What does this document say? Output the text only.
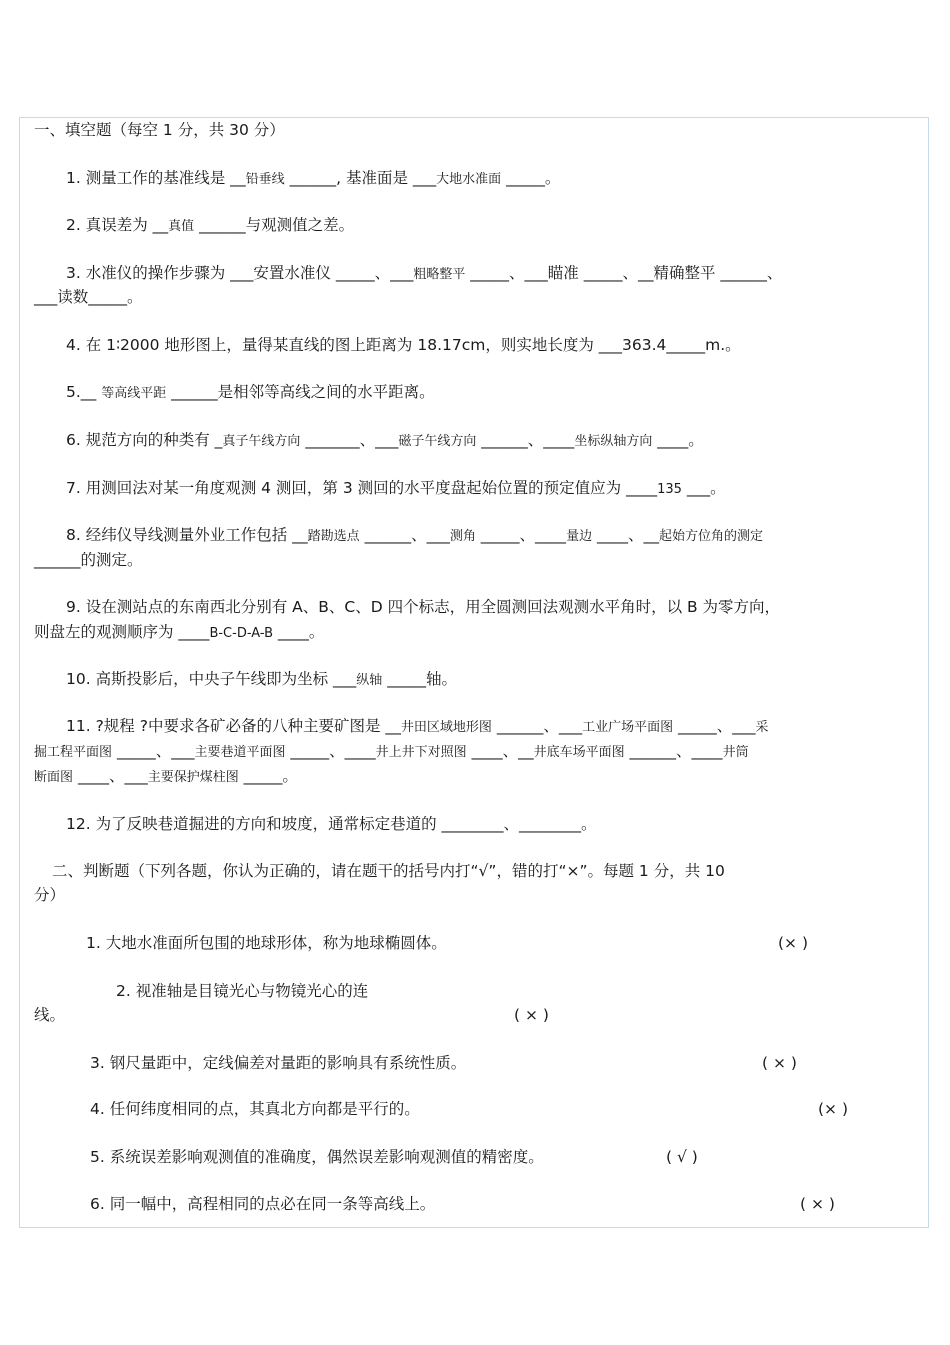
一、填空题（每空 1 分，共 30 分）
1. 测量工作的基准线是 __铅垂线 ______, 基准面是 ___大地水准面 _____。
2. 真误差为 __真值 ______与观测值之差。
3. 水准仪的操作步骤为 ___安置水准仪 _____、___粗略整平 _____、___瞄准 _____、__精确整平 ______、
___读数_____。
4. 在 1∶2000 地形图上，量得某直线的图上距离为 18.17cm，则实地长度为 ___363.4_____m.。
5.__ 等高线平距 ______是相邻等高线之间的水平距离。
6. 规范方向的种类有 _真子午线方向 _______、___磁子午线方向 ______、____坐标纵轴方向 ____。
7. 用测回法对某一角度观测 4 测回，第 3 测回的水平度盘起始位置的预定值应为 ____135 ___。
8. 经纬仪导线测量外业工作包括 __踏勘选点 ______、___测角 _____、____量边 ____、__起始方位角的测定
______的测定。
9. 设在测站点的东南西北分别有 A、B、C、D 四个标志，用全圆测回法观测水平角时，以 B 为零方向，
则盘左的观测顺序为 ____B-C-D-A-B ____。
10. 高斯投影后，中央子午线即为坐标 ___纵轴 _____轴。
11. ?规程 ?中要求各矿必备的八种主要矿图是 __井田区域地形图 ______、___工业广场平面图 _____、___采
掘工程平面图 _____、___主要巷道平面图 _____、____井上井下对照图 ____、__井底车场平面图 ______、____井筒
断面图 ____、___主要保护煤柱图 _____。
12. 为了反映巷道掘进的方向和坡度，通常标定巷道的 ________、________。
二、判断题（下列各题，你认为正确的，请在题干的括号内打“√”，错的打“×”。每题 1 分，共 10
分）
1. 大地水准面所包围的地球形体，称为地球椭圆体。	(× )
2. 视准轴是目镜光心与物镜光心的连
线。	( × )
3. 钢尺量距中，定线偏差对量距的影响具有系统性质。	( × )
4. 任何纬度相同的点，其真北方向都是平行的。	(× )
5. 系统误差影响观测值的准确度，偶然误差影响观测值的精密度。	( √ )
6. 同一幅中，高程相同的点必在同一条等高线上。	( × )
